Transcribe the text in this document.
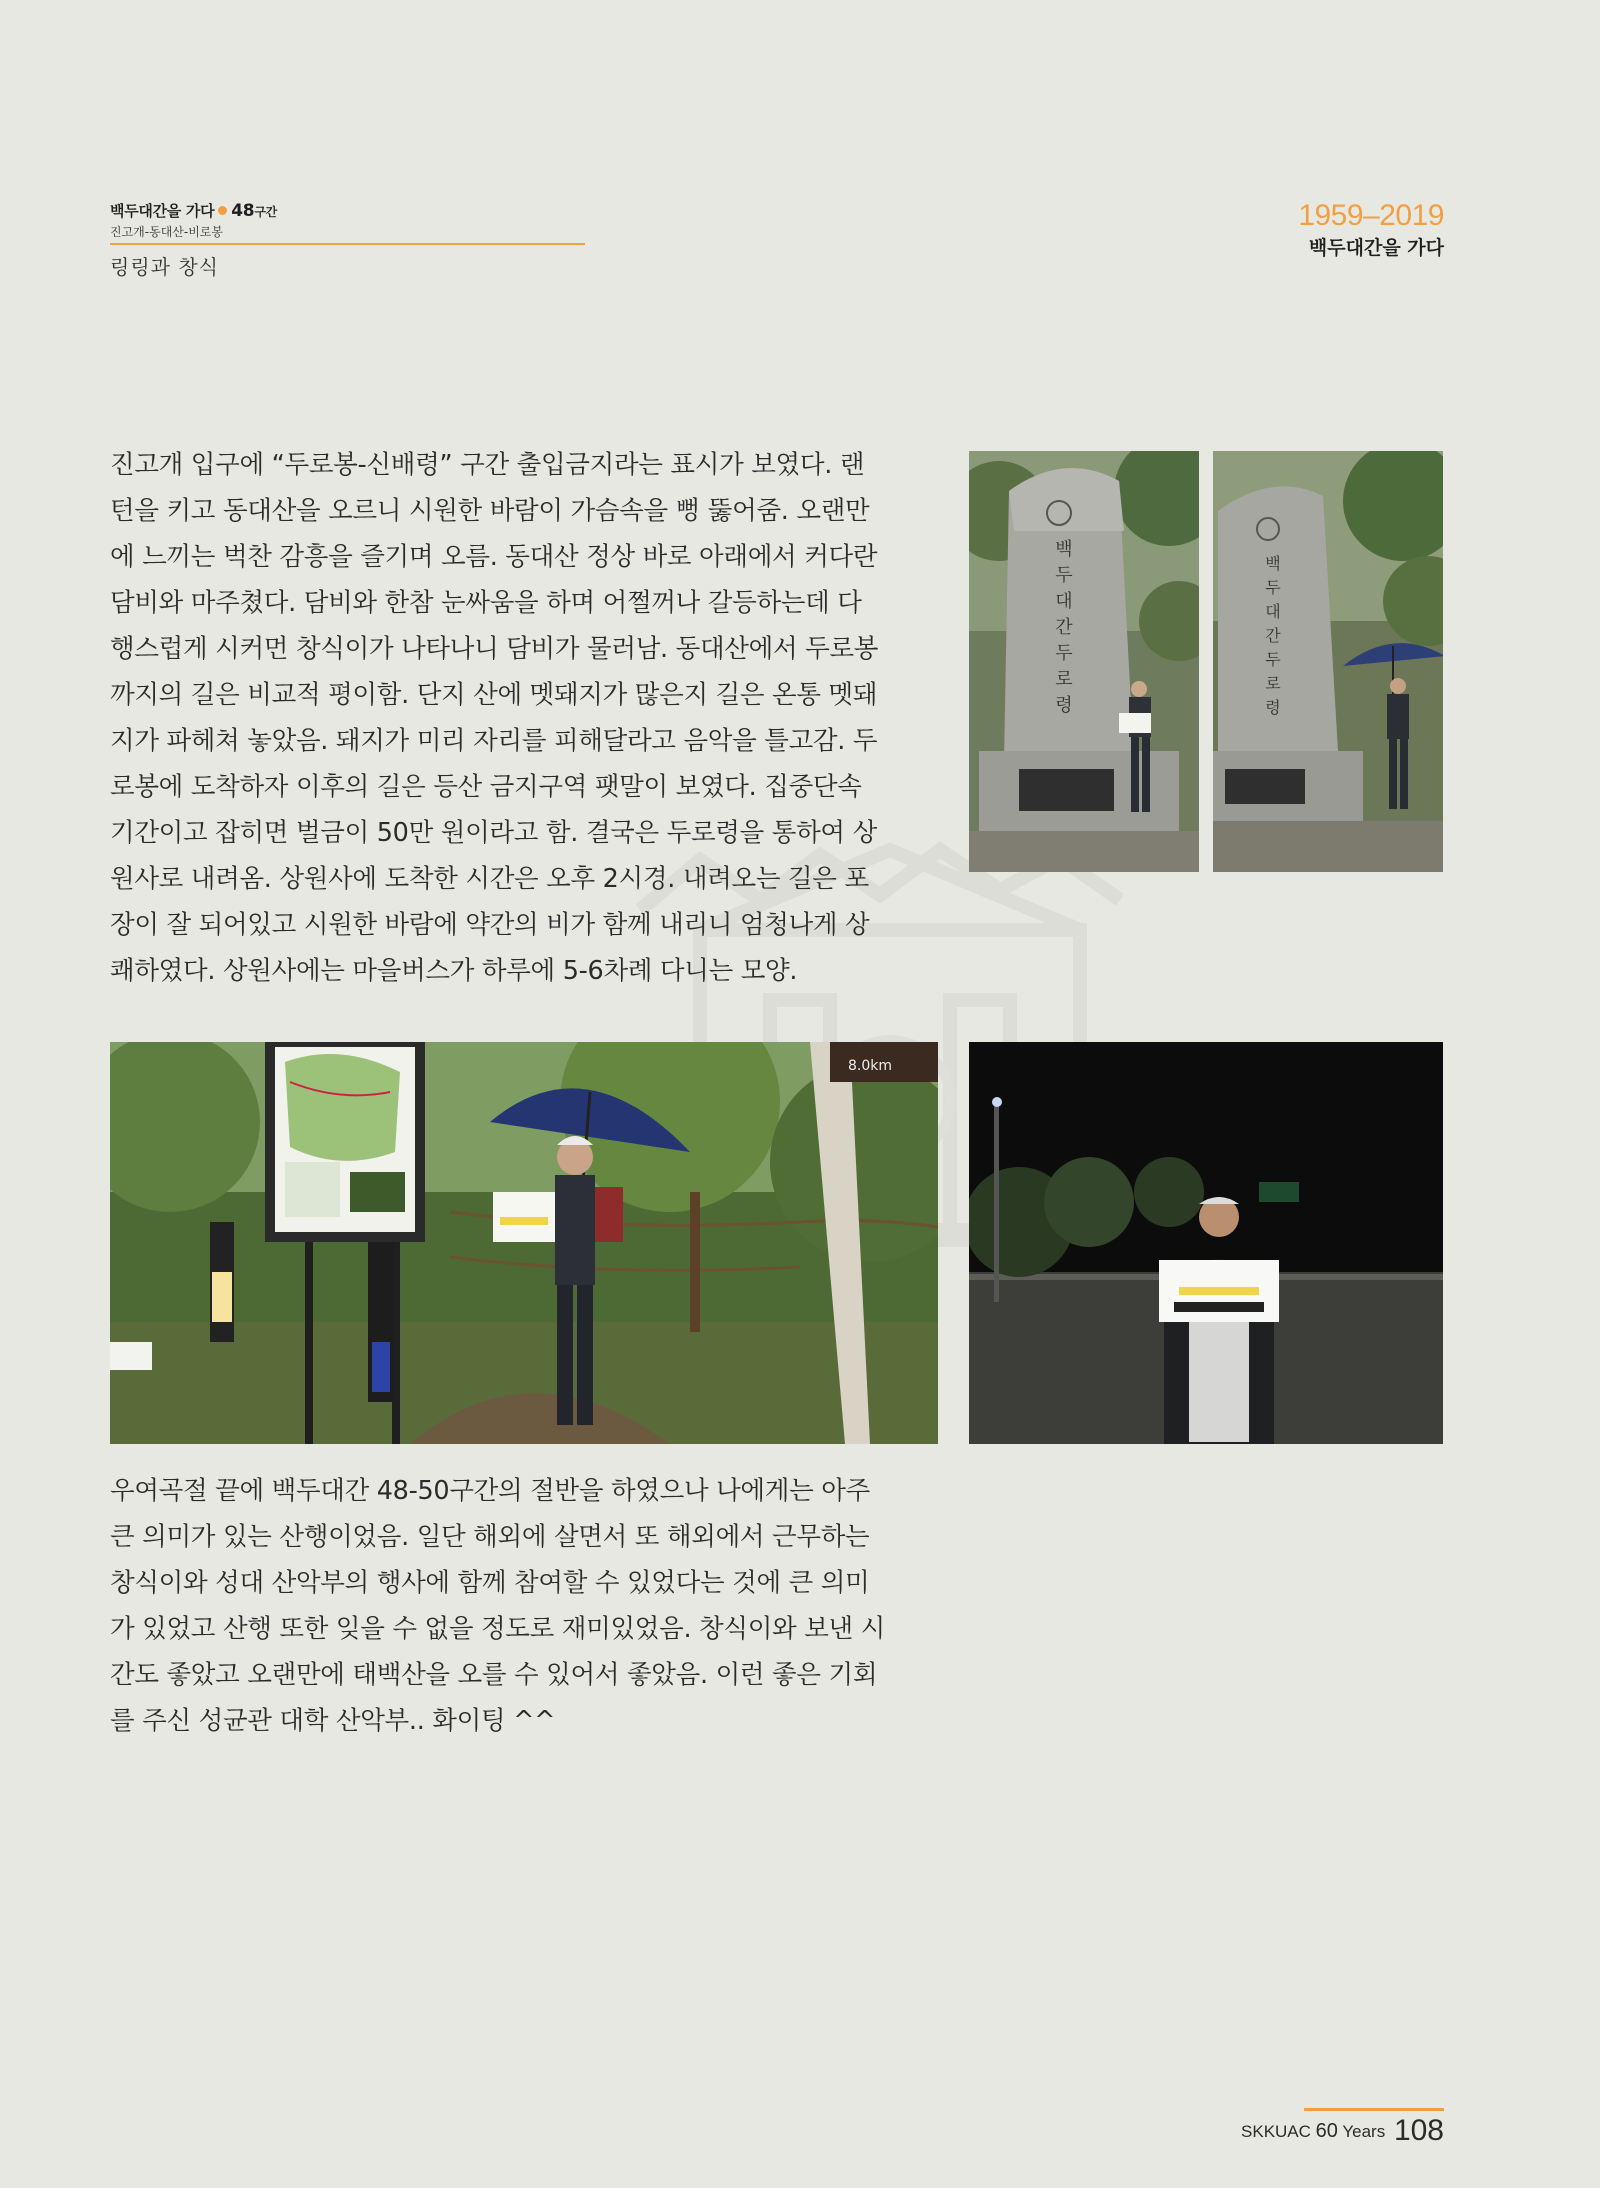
백두대간을 가다 48구간
진고개-동대산-비로봉
링링과 창식
1959–2019
백두대간을 가다
진고개 입구에 “두로봉-신배령” 구간 출입금지라는 표시가 보였다. 랜
턴을 키고 동대산을 오르니 시원한 바람이 가슴속을 뻥 뚫어줌. 오랜만
에 느끼는 벅찬 감흥을 즐기며 오름. 동대산 정상 바로 아래에서 커다란
담비와 마주쳤다. 담비와 한참 눈싸움을 하며 어쩔꺼나 갈등하는데 다
행스럽게 시커먼 창식이가 나타나니 담비가 물러남. 동대산에서 두로봉
까지의 길은 비교적 평이함. 단지 산에 멧돼지가 많은지 길은 온통 멧돼
지가 파헤쳐 놓았음. 돼지가 미리 자리를 피해달라고 음악을 틀고감. 두
로봉에 도착하자 이후의 길은 등산 금지구역 팻말이 보였다. 집중단속
기간이고 잡히면 벌금이 50만 원이라고 함. 결국은 두로령을 통하여 상
원사로 내려옴. 상원사에 도착한 시간은 오후 2시경. 내려오는 길은 포
장이 잘 되어있고 시원한 바람에 약간의 비가 함께 내리니 엄청나게 상
쾌하였다. 상원사에는 마을버스가 하루에 5-6차례 다니는 모양.
백
두
대
간
두
로
령
백
두
대
간
두
로
령
우여곡절 끝에 백두대간 48-50구간의 절반을 하였으나 나에게는 아주
큰 의미가 있는 산행이었음. 일단 해외에 살면서 또 해외에서 근무하는
창식이와 성대 산악부의 행사에 함께 참여할 수 있었다는 것에 큰 의미
가 있었고 산행 또한 잊을 수 없을 정도로 재미있었음. 창식이와 보낸 시
간도 좋았고 오랜만에 태백산을 오를 수 있어서 좋았음. 이런 좋은 기회
를 주신 성균관 대학 산악부.. 화이팅 ^^
8.0km
SKKUAC 60 Years 108
